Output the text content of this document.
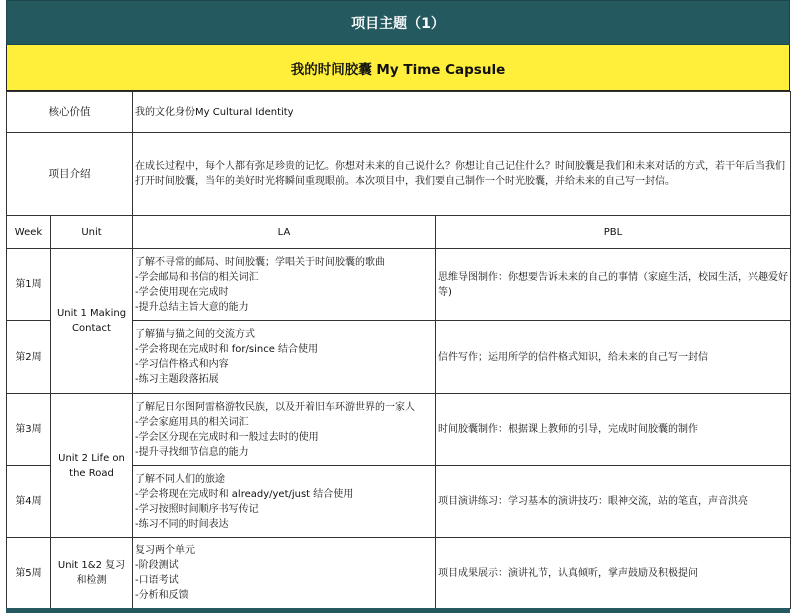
项目主题（1）
我的时间胶囊 My Time Capsule
核心价值		我的文化身份My Cultural Identity	
项目介绍		在成长过程中，每个人都有弥足珍贵的记忆。你想对未来的自己说什么？你想让自己记住什么？时间胶囊是我们和未来对话的方式，若干年后当我们打开时间胶囊，当年的美好时光将瞬间重现眼前。本次项目中，我们要自己制作一个时光胶囊，并给未来的自己写一封信。	
Week	Unit	LA	PBL
第1周	Unit 1 Making Contact	了解不寻常的邮局、时间胶囊；学唱关于时间胶囊的歌曲
-学会邮局和书信的相关词汇
-学会使用现在完成时
-提升总结主旨大意的能力	思维导图制作：你想要告诉未来的自己的事情（家庭生活，校园生活，兴趣爱好等)
第2周		了解猫与猫之间的交流方式
-学会将现在完成时和 for/since 结合使用
-学习信件格式和内容
-练习主题段落拓展	信件写作；运用所学的信件格式知识，给未来的自己写一封信
第3周	Unit 2 Life on the Road	了解尼日尔图阿雷格游牧民族，以及开着旧车环游世界的一家人
-学会家庭用具的相关词汇
-学会区分现在完成时和一般过去时的使用
-提升寻找细节信息的能力	时间胶囊制作：根据课上教师的引导，完成时间胶囊的制作
第4周		了解不同人们的旅途
-学会将现在完成时和 already/yet/just 结合使用
-学习按照时间顺序书写传记
-练习不同的时间表达	项目演讲练习：学习基本的演讲技巧：眼神交流，站的笔直，声音洪亮
第5周	Unit 1&2 复习和检测	复习两个单元
-阶段测试
-口语考试
-分析和反馈	项目成果展示：演讲礼节，认真倾听，掌声鼓励及积极提问
